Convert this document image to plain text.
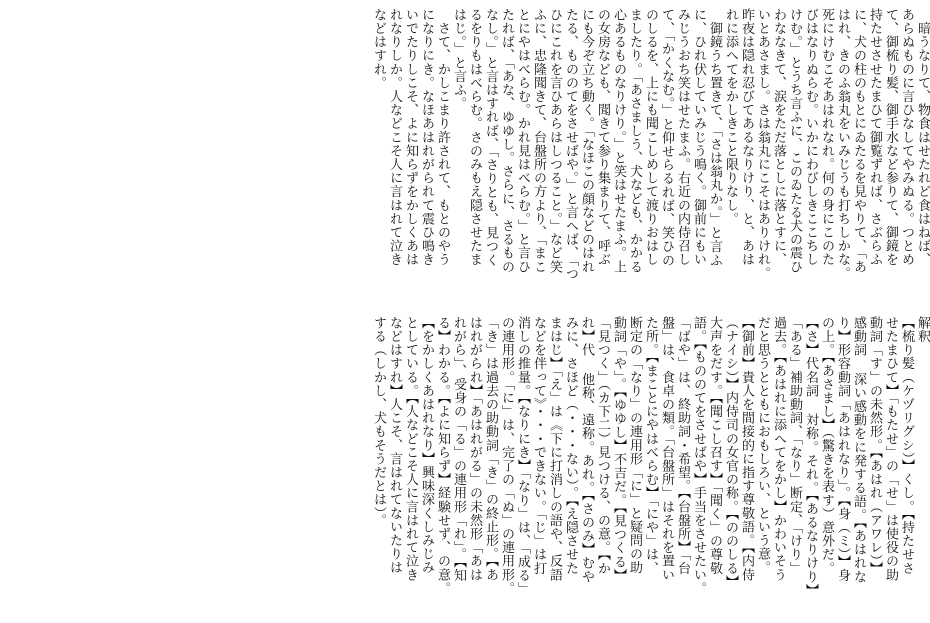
　暗うなりて、物食はせたれど食はねば、
あらぬものに言ひなしてやみぬる。つとめ
て、御梳り髪、御手水など参りて、御鏡を
持たせさせたまひて御覧ずれば、さぶらふ
に、犬の柱のもとにゐたるを見やりて、「あ
はれ、きのふ翁丸をいみじうも打ちしかな。
死にけむこそあはれなれ。何の身にこのた
びはなりぬらむ。いかにわびしきここちし
けむ。」とうち言ふに、このゐたる犬の震ひ
わななきて、涙をただ落としに落とすに、
いとあさまし。さは翁丸にこそはありけれ。
昨夜は隠れ忍びてあるなりけり、と、あは
れに添へてをかしきこと限りなし。
　御鏡うち置きて、「さは翁丸か。」と言ふ
に、ひれ伏していみじう鳴く。御前にもい
みじうおち笑はせたまふ。右近の内侍召し
て、「かくなむ。」と仰せらるれば、笑ひの
のしるを、上にも聞こしめして渡りおはし
ましたり。「あさましう、犬なども、かかる
心あるものなりけり。」と笑はせたまふ。上
の女房なども、聞きて参り集まりて、呼ぶ
にも今ぞ立ち動く。「なほこの顔などのはれ
たる、もののてをさせばや。」と言へば、「つ
ひにこれを言ひあらはしつること。」など笑
ふに、忠隆聞きて、台盤所の方より、「まこ
とにやはべらむ。かれ見はべらむ。」と言ひ
たれば、「あな、ゆゆし。さらに、さるもの
なし。」と言はすれば、「さりとも、見つく
るをりもはべらむ。さのみもえ隠させたま
はじ。」と言ふ。
　さて、かしこまり許されて、もとのやう
になりにき。なほあはれがられて震ひ鳴き
いでたりしこそ、よに知らずをかしくあは
れなりしか。人などこそ人に言はれて泣き
などはすれ。
解釈
【梳り髪（ケヅリグシ）】くし。【持たせさ
せたまひて】「もたせ」の「せ」は使役の助
動詞「す」の未然形。【あはれ（アワレ）】
感動詞 深い感動をに発する語。【あはれな
り】形容動詞「あはれなり」。【身（ミ）】身
の上。【あさまし】（驚きを表す）意外だ。
【さ】代名詞 対称。それ。【あるなりけり】
「ある」補助動詞、「なり」断定、「けり」
過去。【あはれに添へてをかし】かわいそう
だと思うとともにおもしろい、という意。
【御前】貴人を間接的に指す尊敬語。【内侍
（ナイシ）】内侍司の女官の称。【ののしる】
大声をだす。【聞こし召す】「聞く」の尊敬
語。【もののてをさせばや】手当をさせたい。
「ばや」は、終助詞・希望。【台盤所】「台
盤」は、食卓の類。「台盤所」はそれを置い
た所。【まことにやはべらむ】「にや」は、
断定の「なり」の連用形「に」と疑問の助
動詞「や」。【ゆゆし】不吉だ。【見つくる】
「見つく」（カ下二）見つける、の意。【か
れ】代 他称、遠称。あれ。【さのみ】むや
みに、さほど（・・・ない）。【え隠させた
まはじ】「え」は《下に打消しの語や、反語
などを伴って》・・・できない。「じ」は打
消しの推量。【なりにき】「なり」は、「成る」
の連用形。「に」は、完了の「ぬ」の連用形。
「き」は過去の助動詞「き」の終止形。【あ
はれがられ】「あはれがる」の未然形「あは
れがら」、受身の「る」の連用形「れ」。【知
る】わかる。【よに知らず】経験せず、の意。
【をかしくあはれなり】興味深くしみじみ
としている。【人などこそ人に言はれて泣き
などはすれ】人こそ、言はれてないたりは
する（しかし、犬もそうだとは）。
